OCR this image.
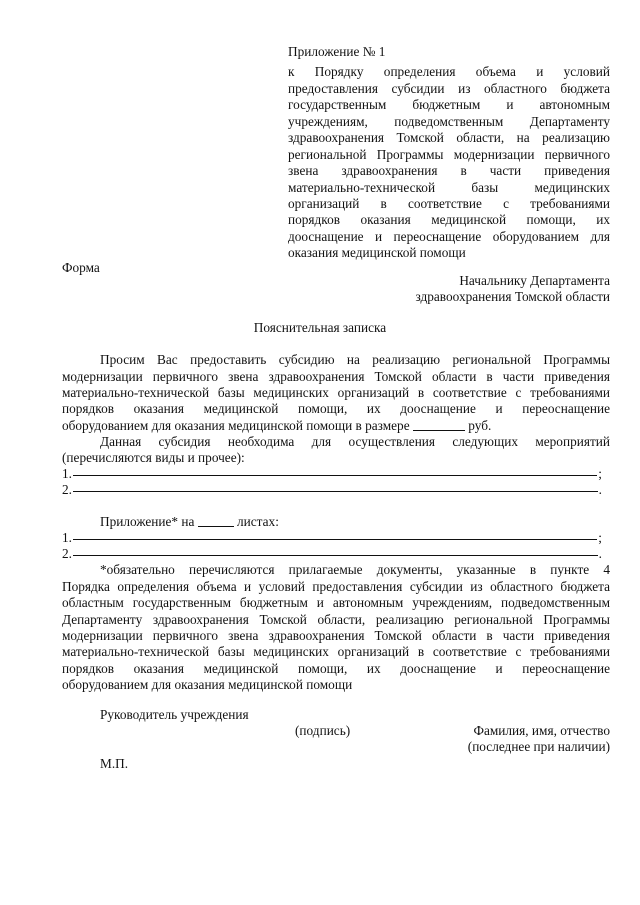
Приложение № 1
к Порядку определения объема и условий
предоставления субсидии из областного бюджета
государственным бюджетным и автономным
учреждениям, подведомственным Департаменту
здравоохранения Томской области, на реализацию
региональной Программы модернизации первичного
звена здравоохранения в части приведения
материально-технической базы медицинских
организаций в соответствие с требованиями
порядков оказания медицинской помощи, их
дооснащение и переоснащение оборудованием для
оказания медицинской помощи
Форма
Начальнику Департамента
здравоохранения Томской области
Пояснительная записка
Просим Вас предоставить субсидию на реализацию региональной Программы
модернизации первичного звена здравоохранения Томской области в части приведения
материально-технической базы медицинских организаций в соответствие с требованиями
порядков оказания медицинской помощи, их дооснащение и переоснащение
оборудованием для оказания медицинской помощи в размере	руб.
Данная субсидия необходима для осуществления следующих мероприятий
(перечисляются виды и прочее):
1.	;
2.	.
Приложение* на	листах:
1.	;
2.	.
*обязательно перечисляются прилагаемые документы, указанные в пункте 4
Порядка определения объема и условий предоставления субсидии из областного бюджета
областным государственным бюджетным и автономным учреждениям, подведомственным
Департаменту здравоохранения Томской области, реализацию региональной Программы
модернизации первичного звена здравоохранения Томской области в части приведения
материально-технической базы медицинских организаций в соответствие с требованиями
порядков оказания медицинской помощи, их дооснащение и переоснащение
оборудованием для оказания медицинской помощи
Руководитель учреждения
(подпись)	Фамилия, имя, отчество
(последнее при наличии)
М.П.
